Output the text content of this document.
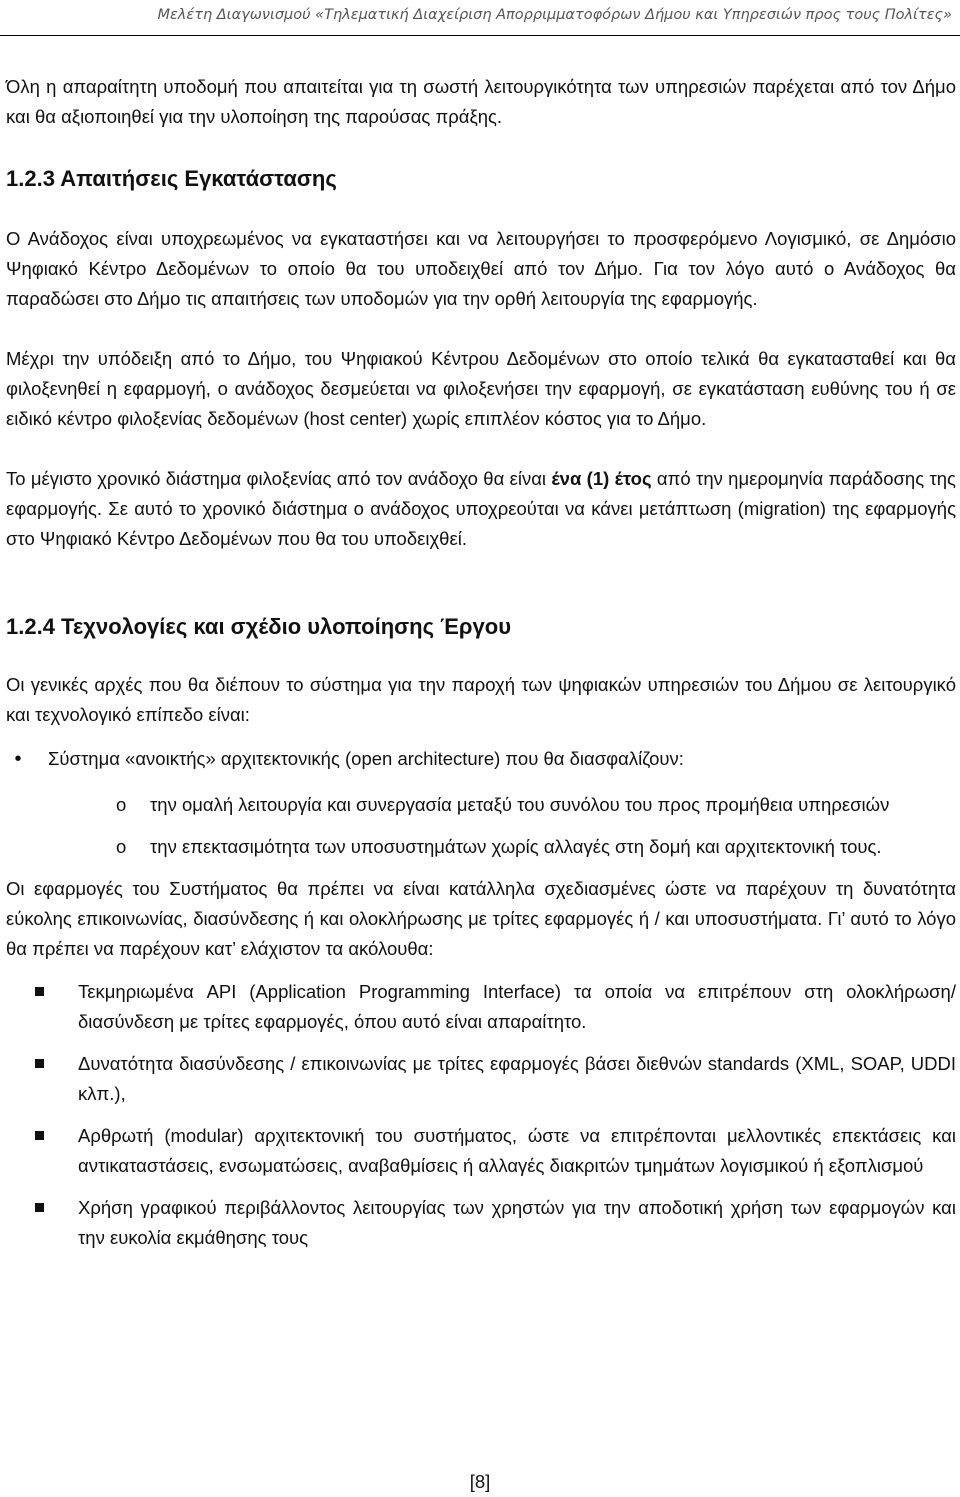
Μελέτη Διαγωνισμού «Τηλεματική Διαχείριση Απορριμματοφόρων Δήμου και Υπηρεσιών προς τους Πολίτες»

Όλη η απαραίτητη υποδομή που απαιτείται για τη σωστή λειτουργικότητα των υπηρεσιών παρέχεται από τον Δήμο και θα αξιοποιηθεί για την υλοποίηση της παρούσας πράξης.

1.2.3 Απαιτήσεις Εγκατάστασης

Ο Ανάδοχος είναι υποχρεωμένος να εγκαταστήσει και να λειτουργήσει το προσφερόμενο Λογισμικό, σε Δημόσιο Ψηφιακό Κέντρο Δεδομένων το οποίο θα του υποδειχθεί από τον Δήμο. Για τον λόγο αυτό ο Ανάδοχος θα παραδώσει στο Δήμο τις απαιτήσεις των υποδομών για την ορθή λειτουργία της εφαρμογής.

Μέχρι την υπόδειξη από το Δήμο, του Ψηφιακού Κέντρου Δεδομένων στο οποίο τελικά θα εγκατασταθεί και θα φιλοξενηθεί η εφαρμογή, ο ανάδοχος δεσμεύεται να φιλοξενήσει την εφαρμογή, σε εγκατάσταση ευθύνης του ή σε ειδικό κέντρο φιλοξενίας δεδομένων (host center) χωρίς επιπλέον κόστος για το Δήμο.

Το μέγιστο χρονικό διάστημα φιλοξενίας από τον ανάδοχο θα είναι ένα (1) έτος από την ημερομηνία παράδοσης της εφαρμογής. Σε αυτό το χρονικό διάστημα ο ανάδοχος υποχρεούται να κάνει μετάπτωση (migration) της εφαρμογής στο Ψηφιακό Κέντρο Δεδομένων που θα του υποδειχθεί.

1.2.4 Τεχνολογίες και σχέδιο υλοποίησης Έργου

Οι γενικές αρχές που θα διέπουν το σύστημα για την παροχή των ψηφιακών υπηρεσιών του Δήμου σε λειτουργικό και τεχνολογικό επίπεδο είναι:

•	Σύστημα «ανοικτής» αρχιτεκτονικής (open architecture) που θα διασφαλίζουν:
o	την ομαλή λειτουργία και συνεργασία μεταξύ του συνόλου του προς προμήθεια υπηρεσιών
o	την επεκτασιμότητα των υποσυστημάτων χωρίς αλλαγές στη δομή και αρχιτεκτονική τους.

Οι εφαρμογές του Συστήματος θα πρέπει να είναι κατάλληλα σχεδιασμένες ώστε να παρέχουν τη δυνατότητα εύκολης επικοινωνίας, διασύνδεσης ή και ολοκλήρωσης με τρίτες εφαρμογές ή / και υποσυστήματα. Γι’ αυτό το λόγο θα πρέπει να παρέχουν κατ’ ελάχιστον τα ακόλουθα:

Τεκμηριωμένα API (Application Programming Interface) τα οποία να επιτρέπουν στη ολοκλήρωση/ διασύνδεση με τρίτες εφαρμογές, όπου αυτό είναι απαραίτητο.
Δυνατότητα διασύνδεσης / επικοινωνίας με τρίτες εφαρμογές βάσει διεθνών standards (XML, SOAP, UDDI κλπ.),
Αρθρωτή (modular) αρχιτεκτονική του συστήματος, ώστε να επιτρέπονται μελλοντικές επεκτάσεις και αντικαταστάσεις, ενσωματώσεις, αναβαθμίσεις ή αλλαγές διακριτών τμημάτων λογισμικού ή εξοπλισμού
Χρήση γραφικού περιβάλλοντος λειτουργίας των χρηστών για την αποδοτική χρήση των εφαρμογών και την ευκολία εκμάθησης τους
[8]
